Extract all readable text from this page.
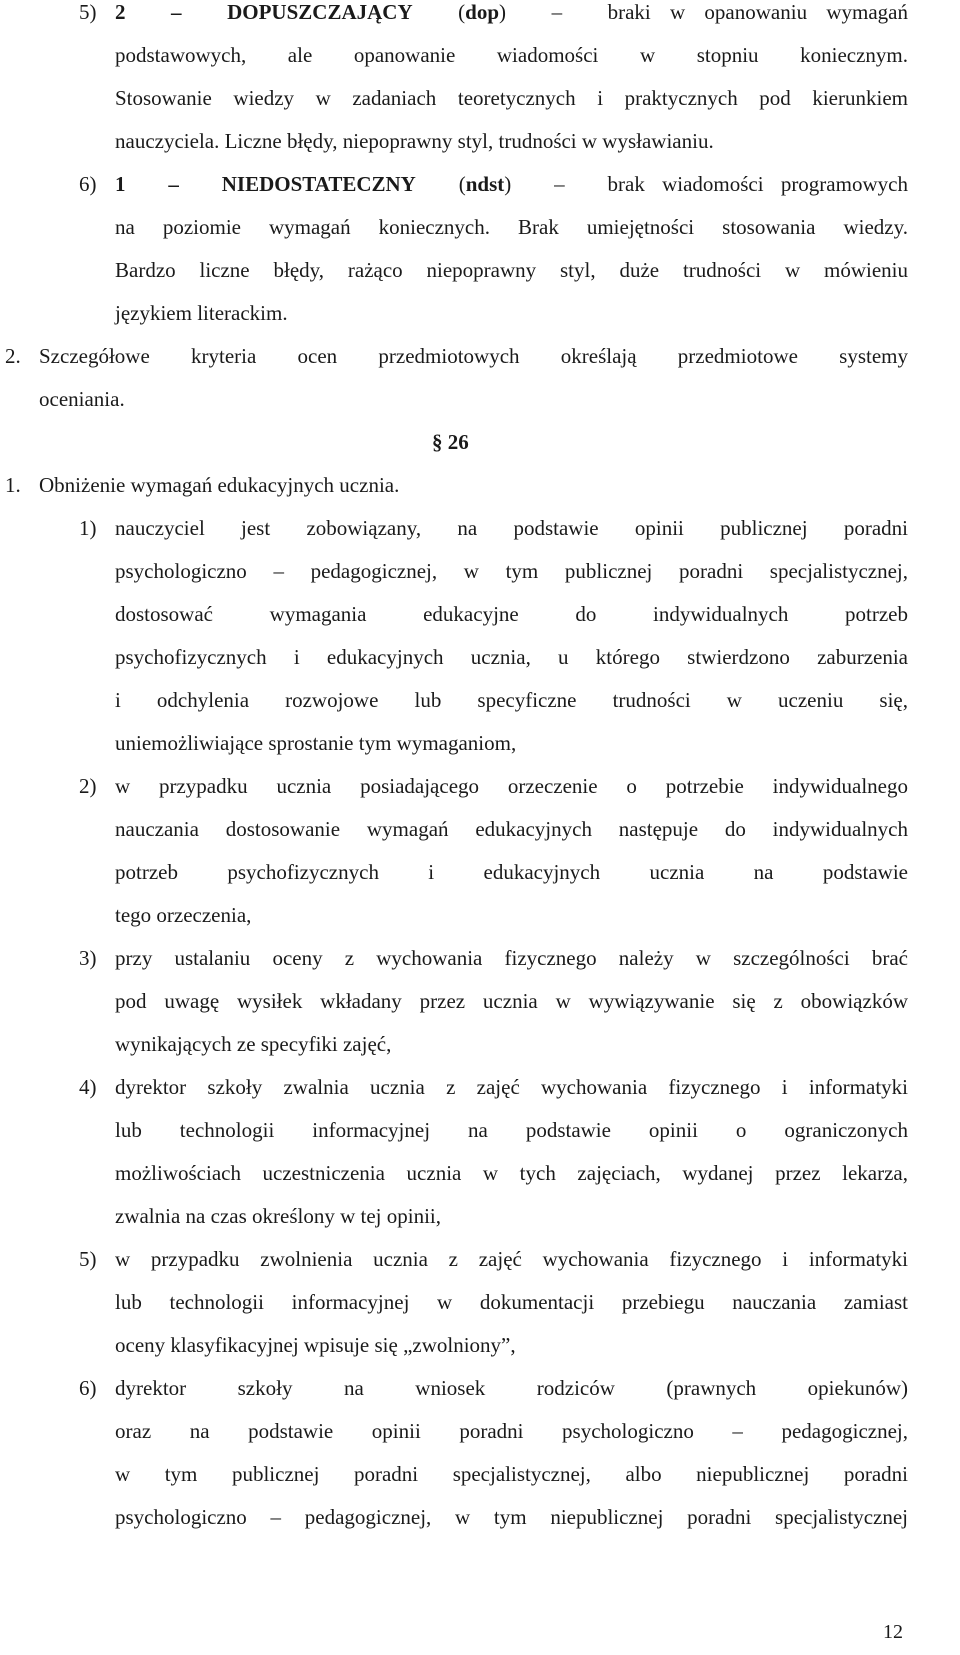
5) 2 – DOPUSZCZAJĄCY (dop) – braki w opanowaniu wymagań
podstawowych, ale opanowanie wiadomości w stopniu koniecznym.
Stosowanie wiedzy w zadaniach teoretycznych i praktycznych pod kierunkiem
nauczyciela. Liczne błędy, niepoprawny styl, trudności w wysławianiu.
6) 1 – NIEDOSTATECZNY (ndst) – brak wiadomości programowych
na poziomie wymagań koniecznych. Brak umiejętności stosowania wiedzy.
Bardzo liczne błędy, rażąco niepoprawny styl, duże trudności w mówieniu
językiem literackim.
2. Szczegółowe kryteria ocen przedmiotowych określają przedmiotowe systemy
oceniania.
§ 26
1. Obniżenie wymagań edukacyjnych ucznia.
1) nauczyciel jest zobowiązany, na podstawie opinii publicznej poradni
psychologiczno – pedagogicznej, w tym publicznej poradni specjalistycznej,
dostosować wymagania edukacyjne do indywidualnych potrzeb
psychofizycznych i edukacyjnych ucznia, u którego stwierdzono zaburzenia
i odchylenia rozwojowe lub specyficzne trudności w uczeniu się,
uniemożliwiające sprostanie tym wymaganiom,
2) w przypadku ucznia posiadającego orzeczenie o potrzebie indywidualnego
nauczania dostosowanie wymagań edukacyjnych następuje do indywidualnych
potrzeb psychofizycznych i edukacyjnych ucznia na podstawie
tego orzeczenia,
3) przy ustalaniu oceny z wychowania fizycznego należy w szczególności brać
pod uwagę wysiłek wkładany przez ucznia w wywiązywanie się z obowiązków
wynikających ze specyfiki zajęć,
4) dyrektor szkoły zwalnia ucznia z zajęć wychowania fizycznego i informatyki
lub technologii informacyjnej na podstawie opinii o ograniczonych
możliwościach uczestniczenia ucznia w tych zajęciach, wydanej przez lekarza,
zwalnia na czas określony w tej opinii,
5) w przypadku zwolnienia ucznia z zajęć wychowania fizycznego i informatyki
lub technologii informacyjnej w dokumentacji przebiegu nauczania zamiast
oceny klasyfikacyjnej wpisuje się „zwolniony”,
6) dyrektor szkoły na wniosek rodziców (prawnych opiekunów)
oraz na podstawie opinii poradni psychologiczno – pedagogicznej,
w tym publicznej poradni specjalistycznej, albo niepublicznej poradni
psychologiczno – pedagogicznej, w tym niepublicznej poradni specjalistycznej
12
